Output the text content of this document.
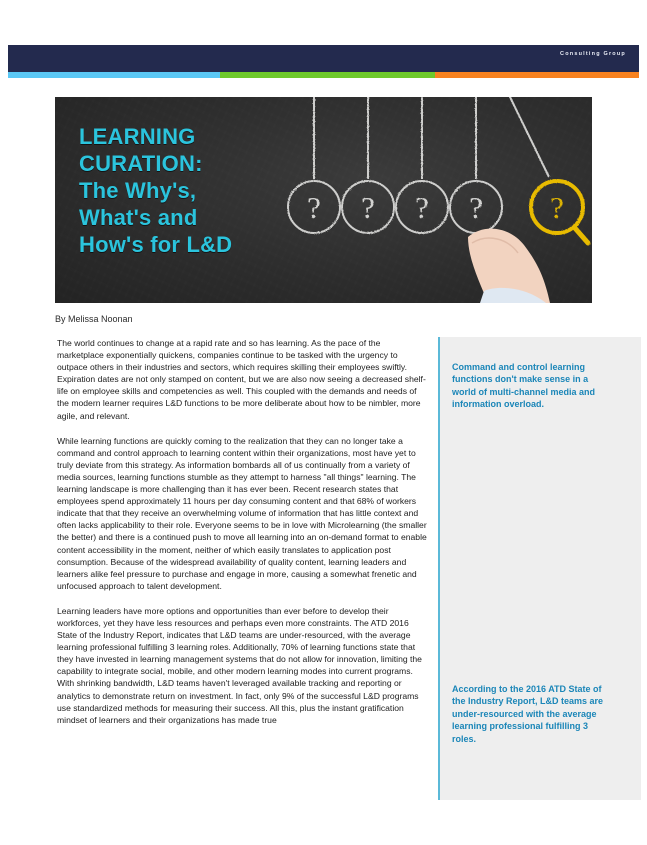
Consulting Group
? ? ? ? ?
LEARNING
CURATION:
The Why's,
What's and
How's for L&D
By Melissa Noonan

The world continues to change at a rapid rate and so has learning. As the pace of the marketplace exponentially quickens, companies continue to be tasked with the urgency to outpace others in their industries and sectors, which requires skilling their employees swiftly. Expiration dates are not only stamped on content, but we are also now seeing a decreased shelf-life on employee skills and competencies as well. This coupled with the demands and needs of the modern learner requires L&D functions to be more deliberate about how to be nimbler, more agile, and relevant.

While learning functions are quickly coming to the realization that they can no longer take a command and control approach to learning content within their organizations, most have yet to truly deviate from this strategy. As information bombards all of us continually from a variety of media sources, learning functions stumble as they attempt to harness "all things" learning. The learning landscape is more challenging than it has ever been. Recent research states that employees spend approximately 11 hours per day consuming content and that 68% of workers indicate that that they receive an overwhelming volume of information that has little context and often lacks applicability to their role. Everyone seems to be in love with Microlearning (the smaller the better) and there is a continued push to move all learning into an on-demand format to enable content accessibility in the moment, neither of which easily translates to application post consumption. Because of the widespread availability of quality content, learning leaders and learners alike feel pressure to purchase and engage in more, causing a somewhat frenetic and unfocused approach to talent development.

Learning leaders have more options and opportunities than ever before to develop their workforces, yet they have less resources and perhaps even more constraints. The ATD 2016 State of the Industry Report, indicates that L&D teams are under-resourced, with the average learning professional fulfilling 3 learning roles. Additionally, 70% of learning functions state that they have invested in learning management systems that do not allow for innovation, limiting the capability to integrate social, mobile, and other modern learning modes into current programs. With shrinking bandwidth, L&D teams haven't leveraged available tracking and reporting or analytics to demonstrate return on investment. In fact, only 9% of the successful L&D programs use standardized methods for measuring their success. All this, plus the instant gratification mindset of learners and their organizations has made true

Command and control learning functions don't make sense in a world of multi-channel media and information overload.
According to the 2016 ATD State of the Industry Report, L&D teams are under-resourced with the average learning professional fulfilling 3 roles.
